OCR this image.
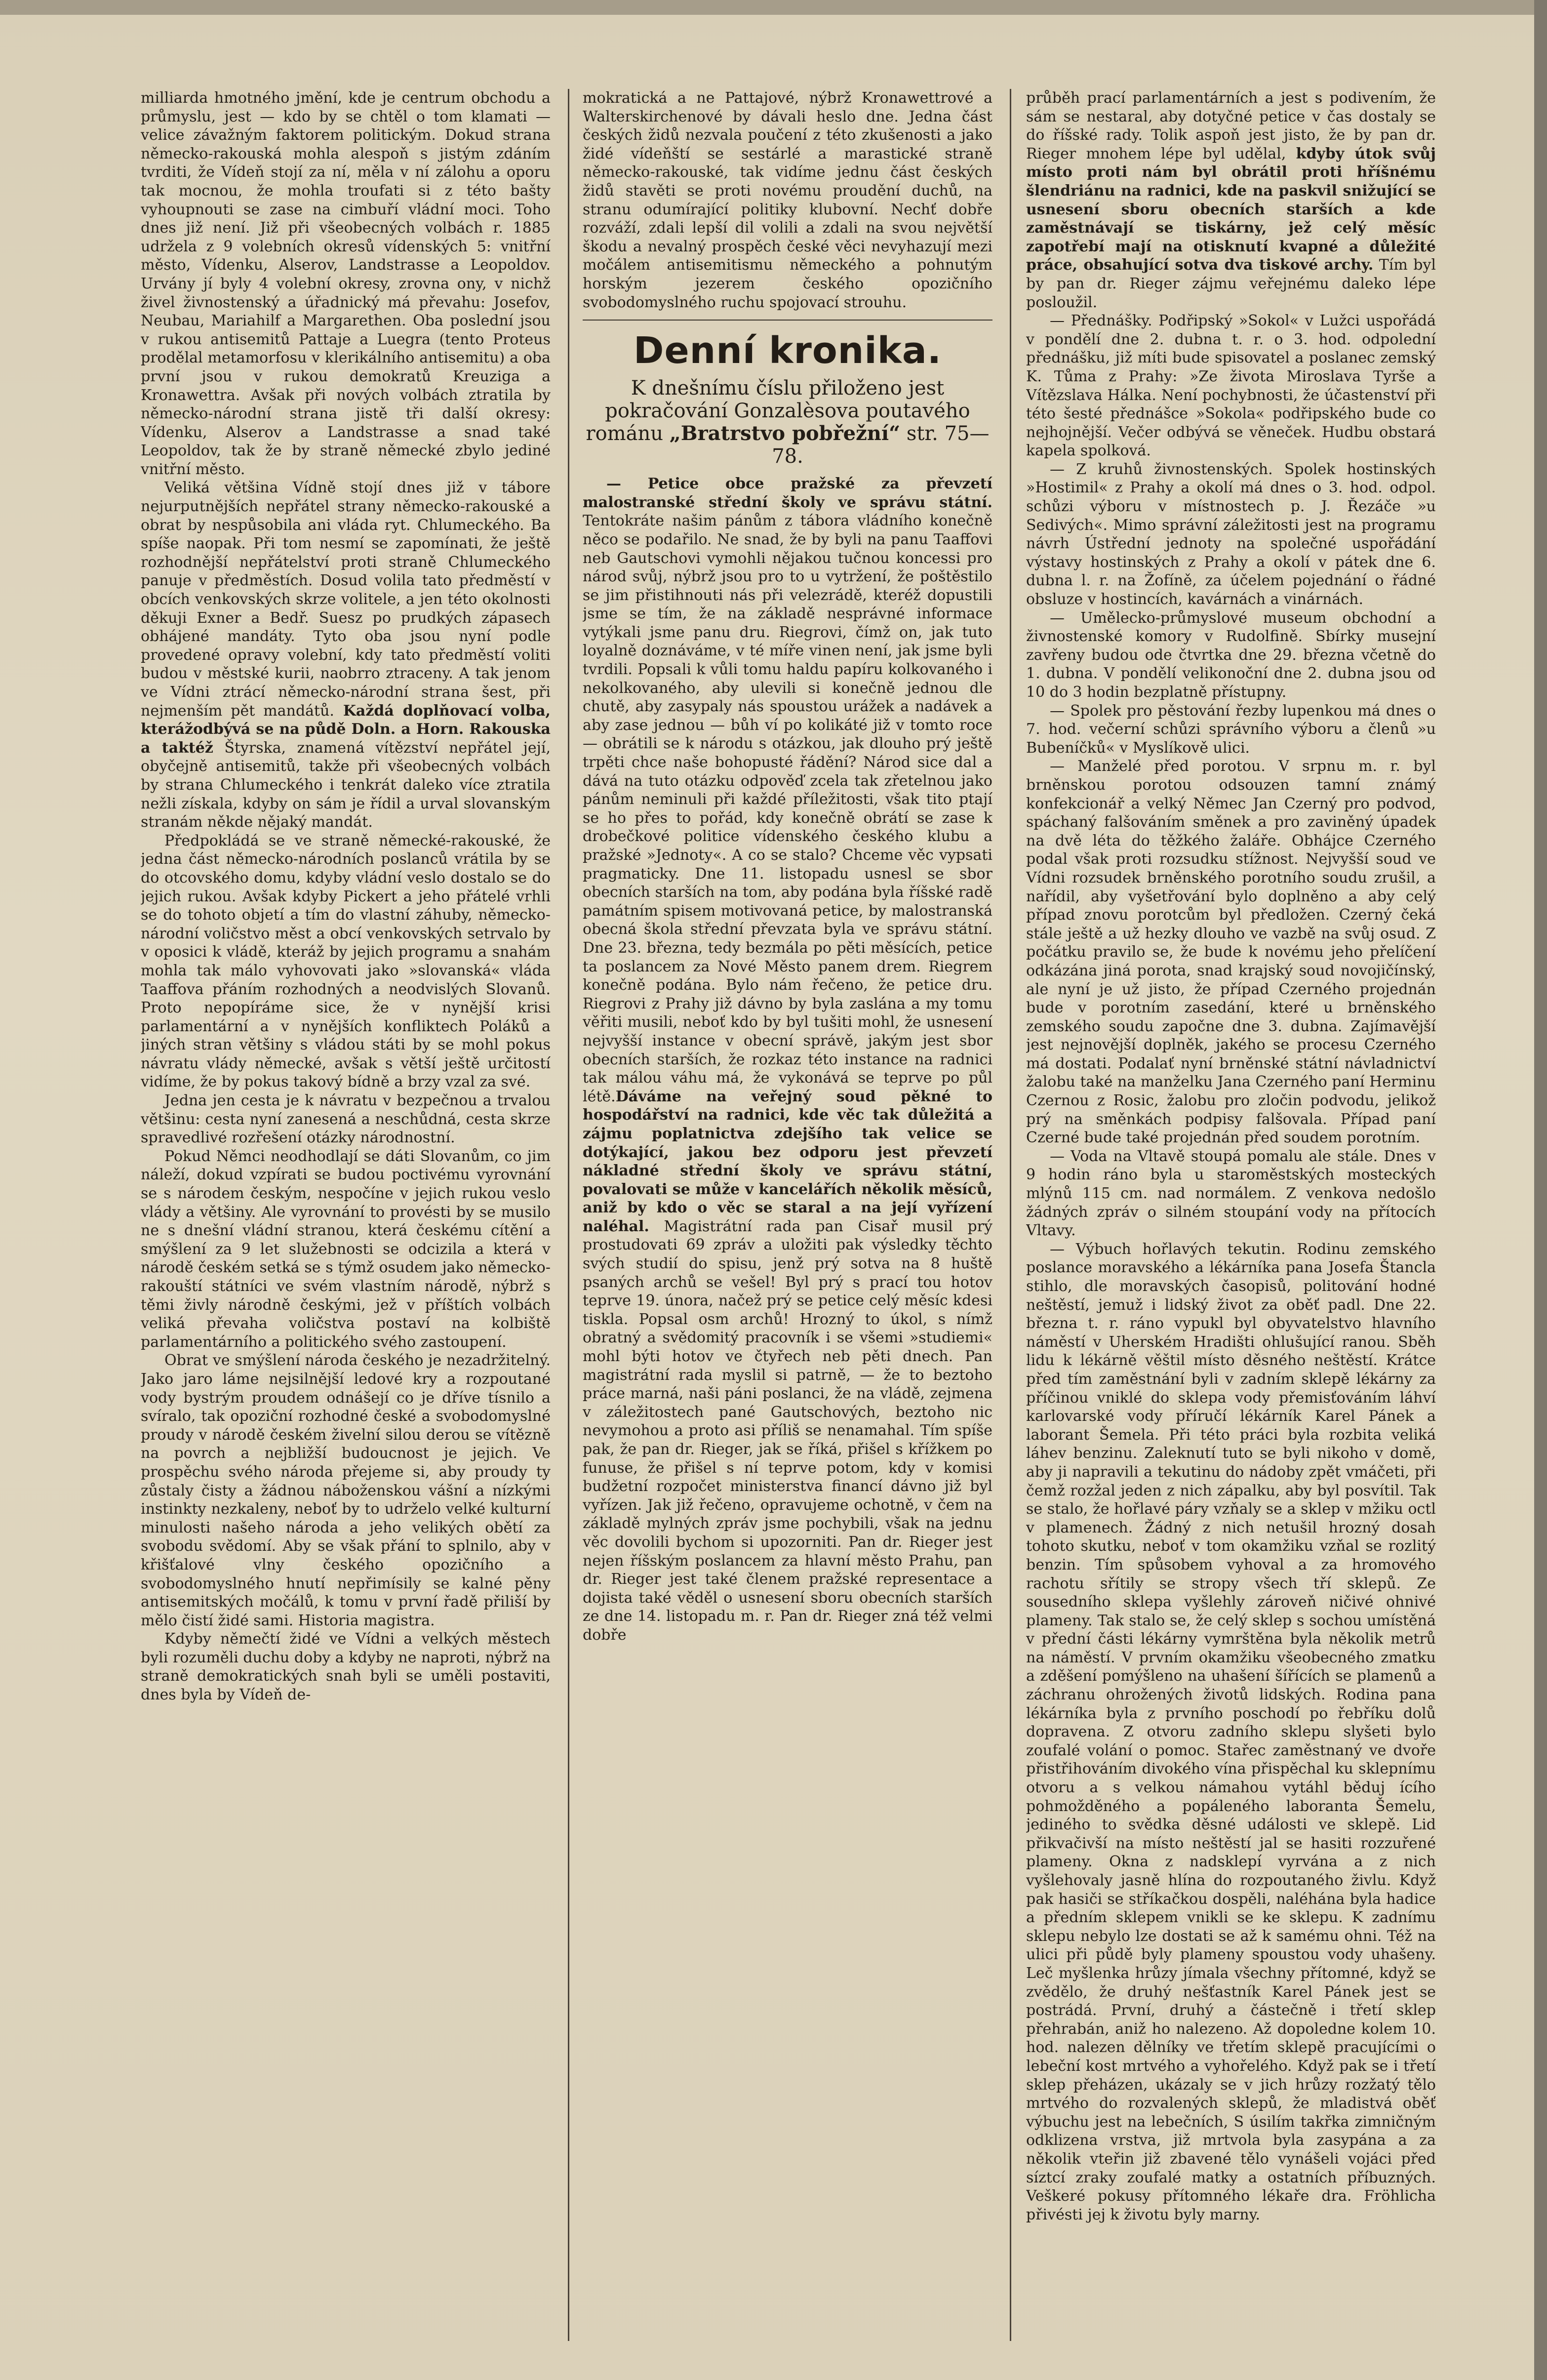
milliarda hmotného jmění, kde je centrum obchodu a průmyslu, jest — kdo by se chtěl o tom klamati — velice závažným faktorem politickým. Dokud strana německo-rakouská mohla alespoň s jistým zdáním tvrditi, že Vídeň stojí za ní, měla v ní zálohu a oporu tak mocnou, že mohla troufati si z této bašty vyhoupnouti se zase na cimbuří vládní moci. Toho dnes již není. Již při všeobecných volbách r. 1885 udržela z 9 volebních okresů vídenských 5: vnitřní město, Vídenku, Alserov, Landstrasse a Leopoldov. Urvány jí byly 4 volební okresy, zrovna ony, v nichž živel živnostenský a úřadnický má převahu: Josefov, Neubau, Mariahilf a Margarethen. Oba poslední jsou v rukou antisemitů Pattaje a Luegra (tento Proteus prodělal metamorfosu v klerikálního antisemitu) a oba první jsou v rukou demokratů Kreuziga a Kronawettra. Avšak při nových volbách ztratila by německo-národní strana jistě tři další okresy: Vídenku, Alserov a Landstrasse a snad také Leopoldov, tak že by straně německé zbylo jediné vnitřní město.

Veliká většina Vídně stojí dnes již v tábore nejurputnějších nepřátel strany německo-rakouské a obrat by nespůsobila ani vláda ryt. Chlumeckého. Ba spíše naopak. Při tom nesmí se zapomínati, že ještě rozhodnější nepřátelství proti straně Chlumeckého panuje v předměstích. Dosud volila tato předměstí v obcích venkovských skrze volitele, a jen této okolnosti děkuji Exner a Bedř. Suesz po prudkých zápasech obhájené mandáty. Tyto oba jsou nyní podle provedené opravy volební, kdy tato předměstí voliti budou v městské kurii, naobrro ztraceny. A tak jenom ve Vídni ztrácí německo-národní strana šest, při nejmenším pět mandátů. Každá doplňovací volba, kterážodbývá se na půdě Doln. a Horn. Rakouska a taktéž Štyrska, znamená vítězství nepřátel její, obyčejně antisemitů, takže při všeobecných volbách by strana Chlumeckého i tenkrát daleko více ztratila nežli získala, kdyby on sám je řídil a urval slovanským stranám někde nějaký mandát.

Předpokládá se ve straně německé-rakouské, že jedna část německo-národních poslanců vrátila by se do otcovského domu, kdyby vládní veslo dostalo se do jejich rukou. Avšak kdyby Pickert a jeho přátelé vrhli se do tohoto objetí a tím do vlastní záhuby, německo-národní voličstvo měst a obcí venkovských setrvalo by v oposici k vládě, kteráž by jejich programu a snahám mohla tak málo vyhovovati jako »slovanská« vláda Taaffova přáním rozhodných a neodvislých Slovanů. Proto nepopíráme sice, že v nynější krisi parlamentární a v nynějších konfliktech Poláků a jiných stran většiny s vládou státi by se mohl pokus návratu vlády německé, avšak s větší ještě určitostí vidíme, že by pokus takový bídně a brzy vzal za své.

Jedna jen cesta je k návratu v bezpečnou a trvalou většinu: cesta nyní zanesená a neschůdná, cesta skrze spravedlivé rozřešení otázky národnostní.

Pokud Němci neodhodlají se dáti Slovanům, co jim náleží, dokud vzpírati se budou poctivému vyrovnání se s národem českým, nespočíne v jejich rukou veslo vlády a většiny. Ale vyrovnání to provésti by se musilo ne s dnešní vládní stranou, která českému cítění a smýšlení za 9 let služebnosti se odcizila a která v národě českém setká se s týmž osudem jako německo-rakouští státníci ve svém vlastním národě, nýbrž s těmi živly národně českými, jež v příštích volbách veliká převaha voličstva postaví na kolbiště parlamentárního a politického svého zastoupení.

Obrat ve smýšlení národa českého je nezadržitelný. Jako jaro láme nejsilnější ledové kry a rozpoutané vody bystrým proudem odnášejí co je dříve tísnilo a svíralo, tak opoziční rozhodné české a svobodomyslné proudy v národě českém živelní silou derou se vítězně na povrch a nejbližší budoucnost je jejich. Ve prospěchu svého národa přejeme si, aby proudy ty zůstaly čisty a žádnou náboženskou vášní a nízkými instinkty nezkaleny, neboť by to udrželo velké kulturní minulosti našeho národa a jeho velikých obětí za svobodu svědomí. Aby se však přání to splnilo, aby v křišťalové vlny českého opozičního a svobodomyslného hnutí nepřimísily se kalné pěny antisemitských močálů, k tomu v první řadě přiliší by mělo čistí židé sami. Historia magistra.

Kdyby němečtí židé ve Vídni a velkých městech byli rozuměli duchu doby a kdyby ne naproti, nýbrž na straně demokratických snah byli se uměli postaviti, dnes byla by Vídeň de-

mokratická a ne Pattajové, nýbrž Kronawettrové a Walterskirchenové by dávali heslo dne. Jedna část českých židů nezvala poučení z této zkušenosti a jako židé vídeňští se sestárlé a marastické straně německo-rakouské, tak vidíme jednu část českých židů stavěti se proti novému proudění duchů, na stranu odumírající politiky klubovní. Nechť dobře rozváží, zdali lepší dil volili a zdali na svou největší škodu a nevalný prospěch české věci nevyhazují mezi močálem antisemitismu německého a pohnutým horským jezerem českého opozičního svobodomyslného ruchu spojovací strouhu.

Denní kronika.
K dnešnímu číslu přiloženo jest pokračování Gonzalèsova poutavého románu „Bratrstvo pobřežní“ str. 75—78.

— Petice obce pražské za převzetí malostranské střední školy ve správu státní. Tentokráte našim pánům z tábora vládního konečně něco se podařilo. Ne snad, že by byli na panu Taaffovi neb Gautschovi vymohli nějakou tučnou koncessi pro národ svůj, nýbrž jsou pro to u vytržení, že poštěstilo se jim přistihnouti nás při velezrádě, kteréž dopustili jsme se tím, že na základě nesprávné informace vytýkali jsme panu dru. Riegrovi, čímž on, jak tuto loyalně doznáváme, v té míře vinen není, jak jsme byli tvrdili. Popsali k vůli tomu haldu papíru kolkovaného i nekolkovaného, aby ulevili si konečně jednou dle chutě, aby zasypaly nás spoustou urážek a nadávek a aby zase jednou — bůh ví po kolikáté již v tomto roce — obrátili se k národu s otázkou, jak dlouho prý ještě trpěti chce naše bohopusté řádění? Národ sice dal a dává na tuto otázku odpověď zcela tak zřetelnou jako pánům neminuli při každé příležitosti, však tito ptají se ho přes to pořád, kdy konečně obrátí se zase k drobečkové politice vídenského českého klubu a pražské »Jednoty«. A co se stalo? Chceme věc vypsati pragmaticky. Dne 11. listopadu usnesl se sbor obecních starších na tom, aby podána byla říšské radě památním spisem motivovaná petice, by malostranská obecná škola střední převzata byla ve správu státní. Dne 23. března, tedy bezmála po pěti měsících, petice ta poslancem za Nové Město panem drem. Riegrem konečně podána. Bylo nám řečeno, že petice dru. Riegrovi z Prahy již dávno by byla zaslána a my tomu věřiti musili, neboť kdo by byl tušiti mohl, že usnesení nejvyšší instance v obecní správě, jakým jest sbor obecních starších, že rozkaz této instance na radnici tak málou váhu má, že vykonává se teprve po půl létě.Dáváme na veřejný soud pěkné to hospodářství na radnici, kde věc tak důležitá a zájmu poplatnictva zdejšího tak velice se dotýkající, jakou bez odporu jest převzetí nákladné střední školy ve správu státní, povalovati se může v kancelářích několik měsíců, aniž by kdo o věc se staral a na její vyřízení naléhal. Magistrátní rada pan Cisař musil prý prostudovati 69 zpráv a uložiti pak výsledky těchto svých studií do spisu, jenž prý sotva na 8 huště psaných archů se vešel! Byl prý s prací tou hotov teprve 19. února, načež prý se petice celý měsíc kdesi tiskla. Popsal osm archů! Hrozný to úkol, s nímž obratný a svědomitý pracovník i se všemi »studiemi« mohl býti hotov ve čtyřech neb pěti dnech. Pan magistrátní rada myslil si patrně, — že to beztoho práce marná, naši páni poslanci, že na vládě, zejmena v záležitostech pané Gautschových, beztoho nic nevymohou a proto asi příliš se nenamahal. Tím spíše pak, že pan dr. Rieger, jak se říká, přišel s křížkem po funuse, že přišel s ní teprve potom, kdy v komisi budžetní rozpočet ministerstva financí dávno již byl vyřízen. Jak již řečeno, opravujeme ochotně, v čem na základě mylných zpráv jsme pochybili, však na jednu věc dovolili bychom si upozorniti. Pan dr. Rieger jest nejen říšským poslancem za hlavní město Prahu, pan dr. Rieger jest také členem pražské representace a dojista také věděl o usnesení sboru obecních starších ze dne 14. listopadu m. r. Pan dr. Rieger zná též velmi dobře

průběh prací parlamentárních a jest s podivením, že sám se nestaral, aby dotyčné petice v čas dostaly se do říšské rady. Tolik aspoň jest jisto, že by pan dr. Rieger mnohem lépe byl udělal, kdyby útok svůj místo proti nám byl obrátil proti hříšnému šlendriánu na radnici, kde na paskvil snižující se usnesení sboru obecních starších a kde zaměstnávají se tiskárny, jež celý měsíc zapotřebí mají na otisknutí kvapné a důležité práce, obsahující sotva dva tiskové archy. Tím byl by pan dr. Rieger zájmu veřejnému daleko lépe posloužil.

— Přednášky. Podřipský »Sokol« v Lužci uspořádá v pondělí dne 2. dubna t. r. o 3. hod. odpolední přednášku, již míti bude spisovatel a poslanec zemský K. Tůma z Prahy: »Ze života Miroslava Tyrše a Vítězslava Hálka. Není pochybnosti, že účastenství při této šesté přednášce »Sokola« podřipského bude co nejhojnější. Večer odbývá se věneček. Hudbu obstará kapela spolková.

— Z kruhů živnostenských. Spolek hostinských »Hostimil« z Prahy a okolí má dnes o 3. hod. odpol. schůzi výboru v místnostech p. J. Řezáče »u Sedivých«. Mimo správní záležitosti jest na programu návrh Ústřední jednoty na společné uspořádání výstavy hostinských z Prahy a okolí v pátek dne 6. dubna l. r. na Žofíně, za účelem pojednání o řádné obsluze v hostincích, kavárnách a vinárnách.

— Umělecko-průmyslové museum obchodní a živnostenské komory v Rudolfině. Sbírky musejní zavřeny budou ode čtvrtka dne 29. března včetně do 1. dubna. V pondělí velikonoční dne 2. dubna jsou od 10 do 3 hodin bezplatně přístupny.

— Spolek pro pěstování řezby lupenkou má dnes o 7. hod. večerní schůzi správního výboru a členů »u Bubeníčků« v Myslíkově ulici.

— Manželé před porotou. V srpnu m. r. byl brněnskou porotou odsouzen tamní známý konfekcionář a velký Němec Jan Czerný pro podvod, spáchaný falšováním směnek a pro zaviněný úpadek na dvě léta do těžkého žaláře. Obhájce Czerného podal však proti rozsudku stížnost. Nejvyšší soud ve Vídni rozsudek brněnského porotního soudu zrušil, a nařídil, aby vyšetřování bylo doplněno a aby celý případ znovu porotcům byl předložen. Czerný čeká stále ještě a už hezky dlouho ve vazbě na svůj osud. Z počátku pravilo se, že bude k novému jeho přelíčení odkázána jiná porota, snad krajský soud novojičínský, ale nyní je už jisto, že případ Czerného projednán bude v porotním zasedání, které u brněnského zemského soudu započne dne 3. dubna. Zajímavější jest nejnovější doplněk, jakého se procesu Czerného má dostati. Podalať nyní brněnské státní návladnictví žalobu také na manželku Jana Czerného paní Herminu Czernou z Rosic, žalobu pro zločin podvodu, jelikož prý na směnkách podpisy falšovala. Případ paní Czerné bude také projednán před soudem porotním.

— Voda na Vltavě stoupá pomalu ale stále. Dnes v 9 hodin ráno byla u staroměstských mosteckých mlýnů 115 cm. nad normálem. Z venkova nedošlo žádných zpráv o silném stoupání vody na přítocích Vltavy.

— Výbuch hořlavých tekutin. Rodinu zemského poslance moravského a lékárníka pana Josefa Štancla stihlo, dle moravských časopisů, politování hodné neštěstí, jemuž i lidský život za oběť padl. Dne 22. března t. r. ráno vypukl byl obyvatelstvo hlavního náměstí v Uherském Hradišti ohlušující ranou. Sběh lidu k lékárně věštil místo děsného neštěstí. Krátce před tím zaměstnání byli v zadním sklepě lékárny za příčinou vniklé do sklepa vody přemisťováním láhví karlovarské vody příručí lékárník Karel Pánek a laborant Šemela. Při této práci byla rozbita veliká láhev benzinu. Zaleknutí tuto se byli nikoho v domě, aby ji napravili a tekutinu do nádoby zpět vmáčeti, při čemž rozžal jeden z nich zápalku, aby byl posvítil. Tak se stalo, že hořlavé páry vzňaly se a sklep v mžiku octl v plamenech. Žádný z nich netušil hrozný dosah tohoto skutku, neboť v tom okamžiku vzňal se rozlitý benzin. Tím spůsobem vyhoval a za hromového rachotu sřítily se stropy všech tří sklepů. Ze sousedního sklepa vyšlehly zároveň ničivé ohnivé plameny. Tak stalo se, že celý sklep s sochou umístěná v přední části lékárny vymrštěna byla několik metrů na náměstí. V prvním okamžiku všeobecného zmatku a zděšení pomýšleno na uhašení šířících se plamenů a záchranu ohrožených životů lidských. Rodina pana lékárníka byla z prvního poschodí po řebříku dolů dopravena. Z otvoru zadního sklepu slyšeti bylo zoufalé volání o pomoc. Stařec zaměstnaný ve dvoře přistřihováním divokého vína přispěchal ku sklepnímu otvoru a s velkou námahou vytáhl běduj ícího pohmožděného a popáleného laboranta Šemelu, jediného to svědka děsné události ve sklepě. Lid přikvačivší na místo neštěstí jal se hasiti rozzuřené plameny. Okna z nadsklepí vyrvána a z nich vyšlehovaly jasně hlína do rozpoutaného živlu. Když pak hasiči se stříkačkou dospěli, naléhána byla hadice a předním sklepem vnikli se ke sklepu. K zadnímu sklepu nebylo lze dostati se až k samému ohni. Též na ulici při půdě byly plameny spoustou vody uhašeny. Leč myšlenka hrůzy jímala všechny přítomné, když se zvědělo, že druhý nešťastník Karel Pánek jest se postrádá. První, druhý a částečně i třetí sklep přehrabán, aniž ho nalezeno. Až dopoledne kolem 10. hod. nalezen dělníky ve třetím sklepě pracujícími o lebeční kost mrtvého a vyhořelého. Když pak se i třetí sklep přeházen, ukázaly se v jich hrůzy rozžatý tělo mrtvého do rozvalených sklepů, že mladistvá oběť výbuchu jest na lebečních, S úsilím takřka zimničným odklizena vrstva, již mrtvola byla zasypána a za několik vteřin již zbavené tělo vynášeli vojáci před síztcí zraky zoufalé matky a ostatních příbuzných. Veškeré pokusy přítomného lékaře dra. Fröhlicha přivésti jej k životu byly marny.
